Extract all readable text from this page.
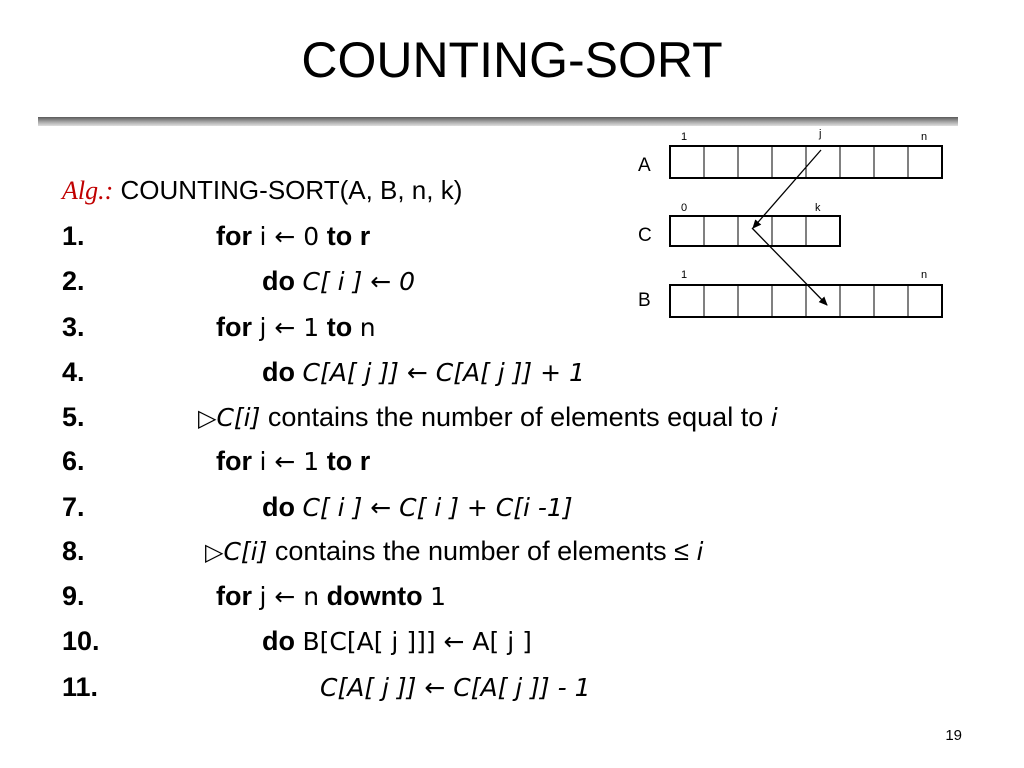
COUNTING-SORT
A
1	j	n
C
0	k
B
1	n
Alg.: COUNTING-SORT(A, B, n, k)
1.	for i ← 0 to r
2.	do C[ i ] ← 0
3.	for j ← 1 to n
4.	do C[A[ j ]] ← C[A[ j ]] + 1
5.	▷C[i] contains the number of elements equal to i
6.	for i ← 1 to r
7.	do C[ i ] ← C[ i ] + C[i -1]
8.	▷C[i] contains the number of elements ≤ i
9.	for j ← n downto 1
10.	do B[C[A[ j ]]] ← A[ j ]
11.	C[A[ j ]] ← C[A[ j ]] - 1
19
